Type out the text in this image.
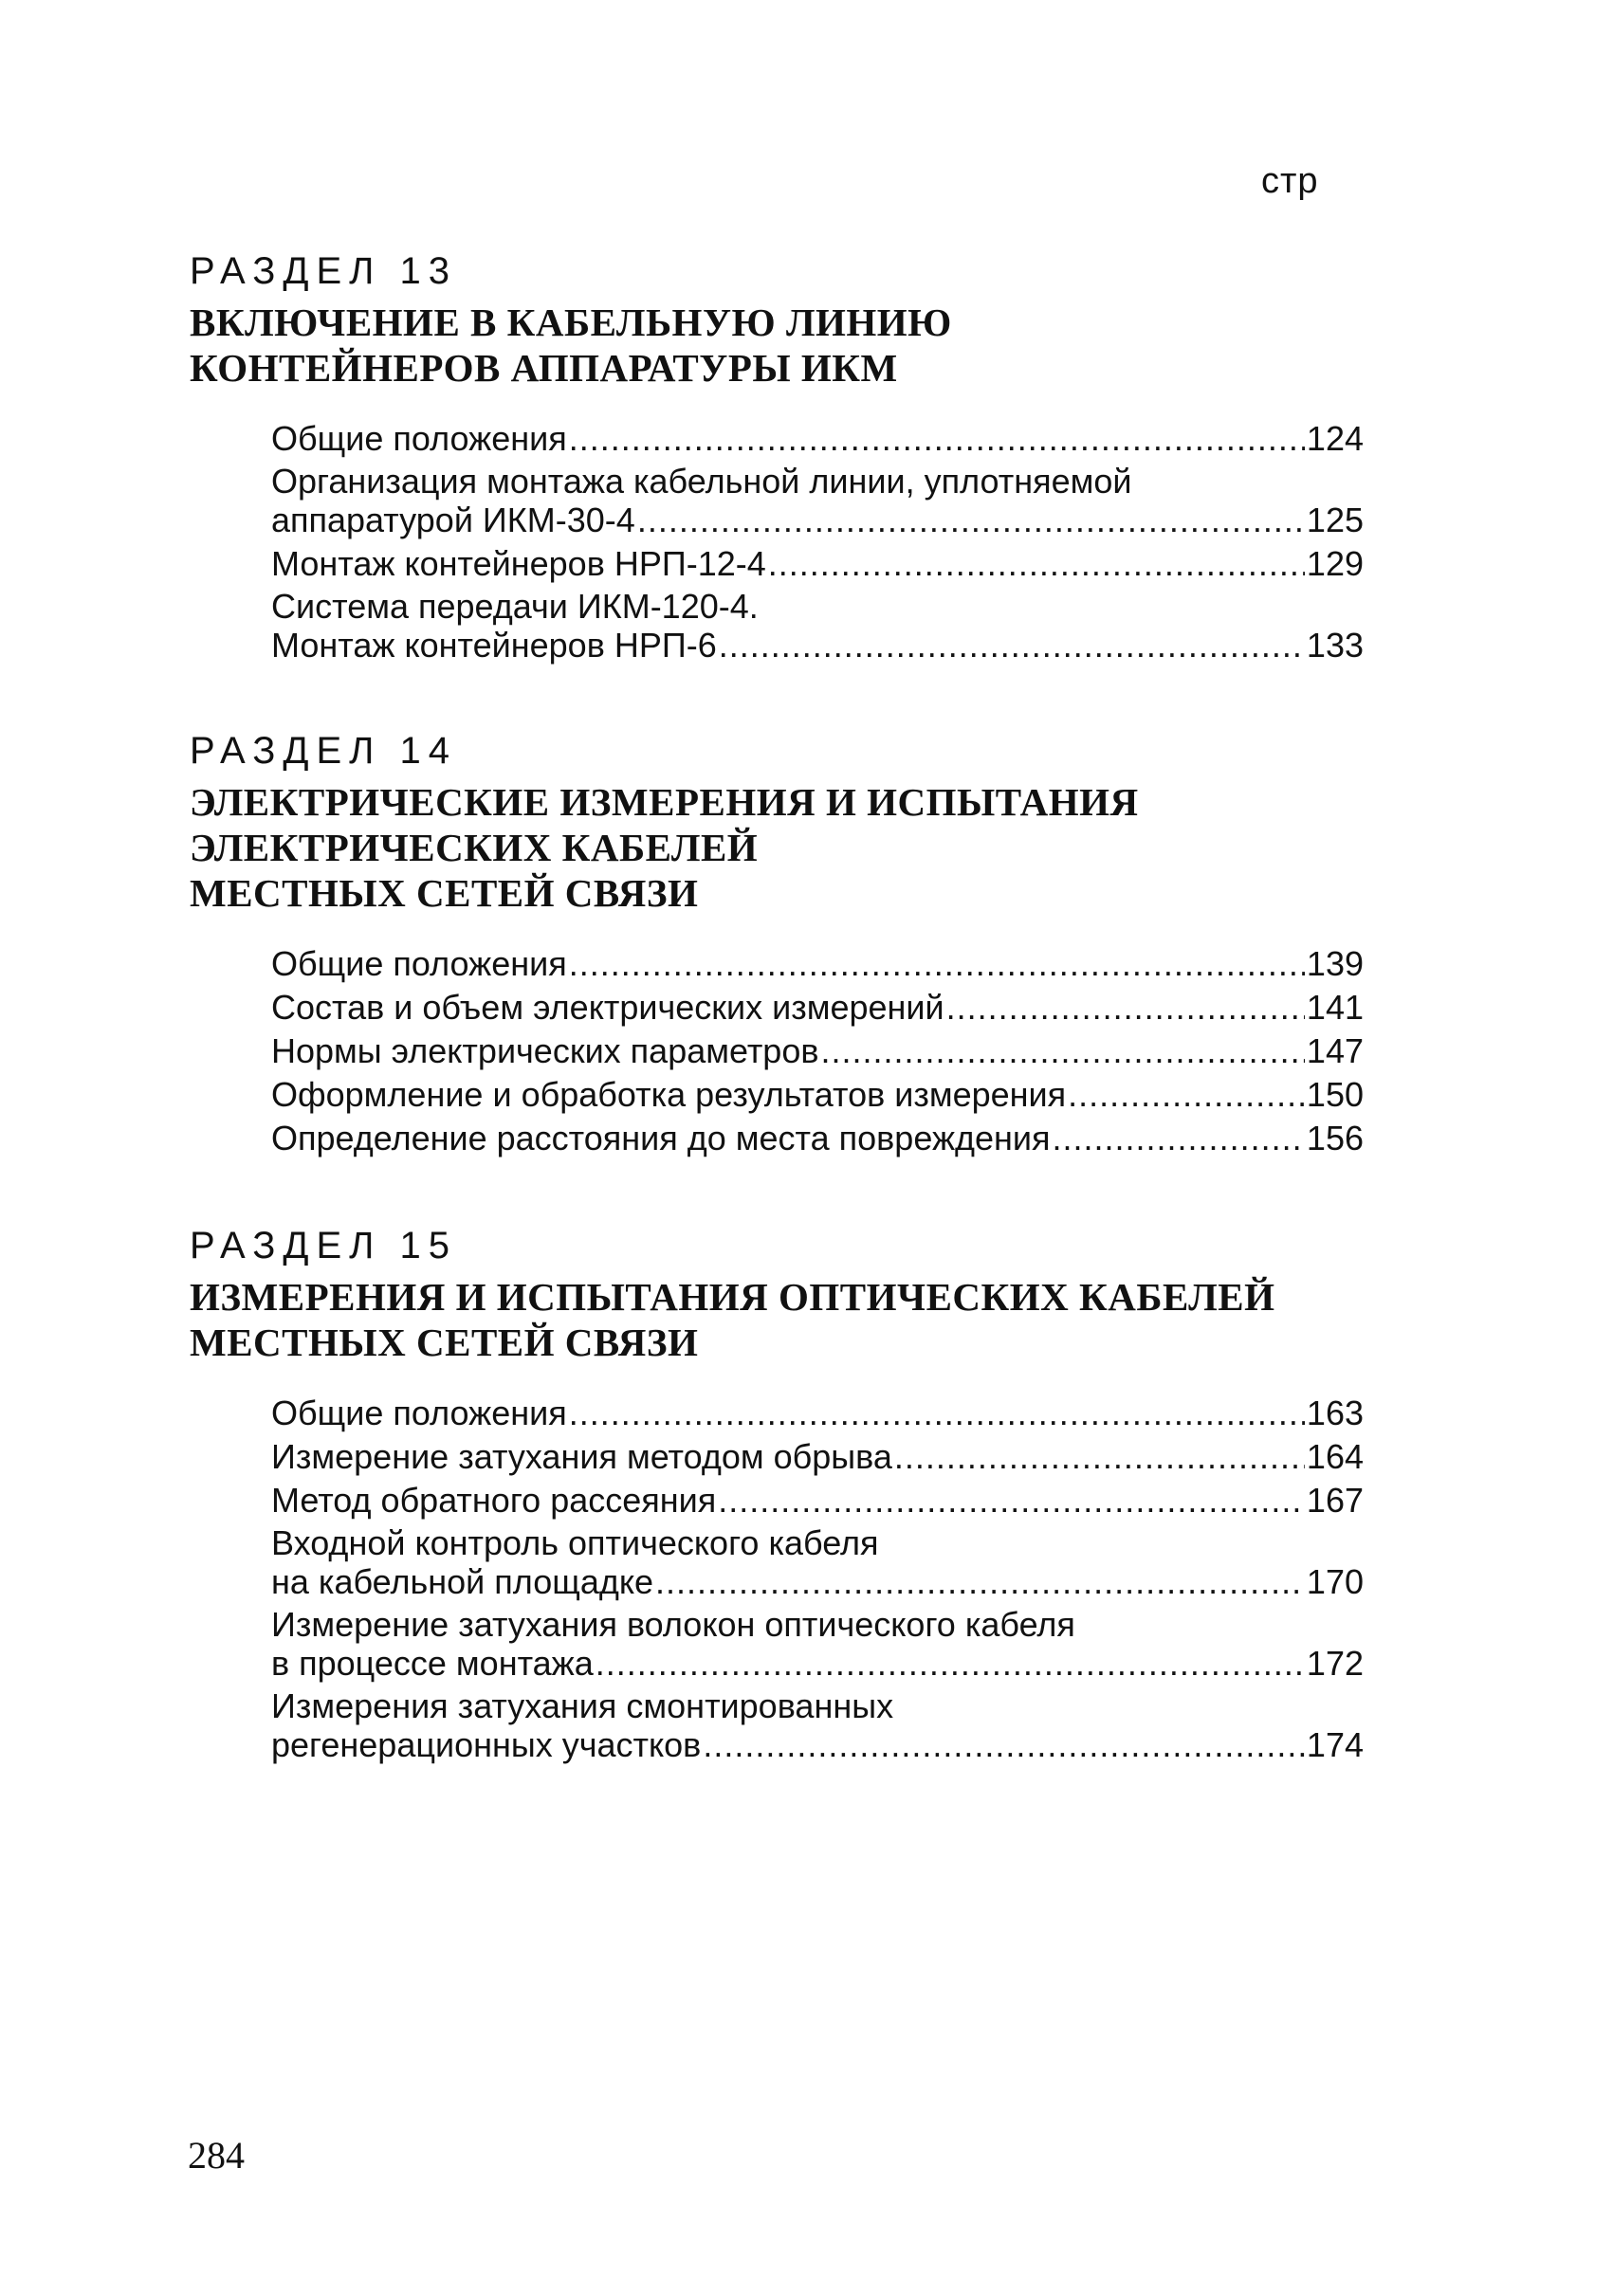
стр
РАЗДЕЛ 13
ВКЛЮЧЕНИЕ В КАБЕЛЬНУЮ ЛИНИЮ
КОНТЕЙНЕРОВ АППАРАТУРЫ ИКМ
Общие положения .....	124
Организация монтажа кабельной линии, уплотняемой
аппаратурой ИКМ-30-4 .....	125
Монтаж контейнеров НРП-12-4 .....	129
Система передачи ИКМ-120-4.
Монтаж контейнеров НРП-6 .....	133
РАЗДЕЛ 14
ЭЛЕКТРИЧЕСКИЕ ИЗМЕРЕНИЯ И ИСПЫТАНИЯ
ЭЛЕКТРИЧЕСКИХ КАБЕЛЕЙ
МЕСТНЫХ СЕТЕЙ СВЯЗИ
Общие положения .....	139
Состав и объем электрических измерений .....	141
Нормы электрических параметров .....	147
Оформление и обработка результатов измерения .....	150
Определение расстояния до места повреждения .....	156
РАЗДЕЛ 15
ИЗМЕРЕНИЯ И ИСПЫТАНИЯ ОПТИЧЕСКИХ КАБЕЛЕЙ
МЕСТНЫХ СЕТЕЙ СВЯЗИ
Общие положения .....	163
Измерение затухания методом обрыва .....	164
Метод обратного рассеяния .....	167
Входной контроль оптического кабеля
на кабельной площадке .....	170
Измерение затухания волокон оптического кабеля
в процессе монтажа .....	172
Измерения затухания смонтированных
регенерационных участков .....	174
284
